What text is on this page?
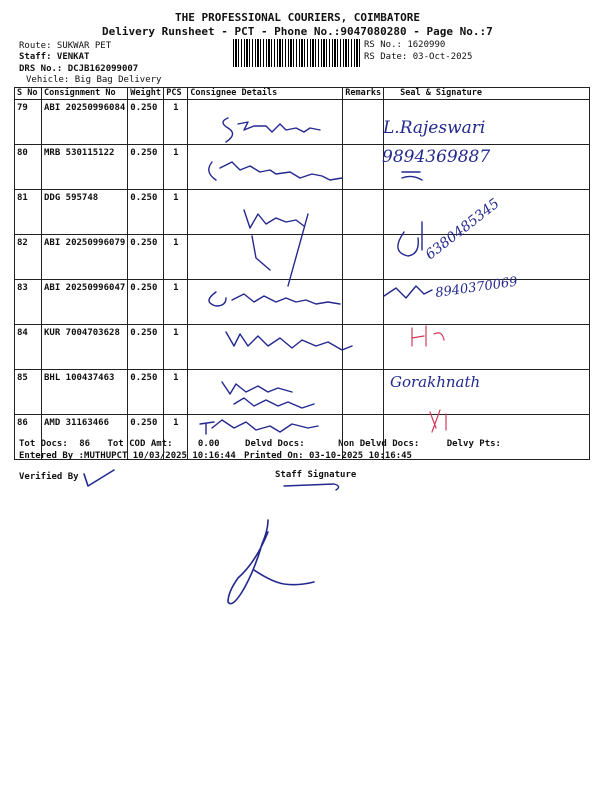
THE PROFESSIONAL COURIERS, COIMBATORE
Delivery Runsheet - PCT - Phone No.:9047080280 - Page No.:7
Route: SUKWAR PET
Staff: VENKAT
DRS No.: DCJB162099007
Vehicle: Big Bag Delivery
RS No.: 1620990
RS Date: 03-Oct-2025
S No	Consignment No	Weight	PCS	Consignee Details	Remarks	Seal & Signature
79	ABI 20250996084	0.250	1			
80	MRB 530115122	0.250	1			
81	DDG 595748	0.250	1			
82	ABI 20250996079	0.250	1			
83	ABI 20250996047	0.250	1			
84	KUR 7004703628	0.250	1			
85	BHL 100437463	0.250	1			
86	AMD 31163466	0.250	1			
L.Rajeswari
9894369887
6380485345
8940370069
Gorakhnath
Tot Docs: 86 Tot COD Amt:	0.00	Delvd Docs:	Non Delvd Docs:	Delvy Pts:
Entered By :MUTHUPCT 10/03/2025 10:16:44 Printed On: 03-10-2025 10:16:45
Verified By	Staff Signature
